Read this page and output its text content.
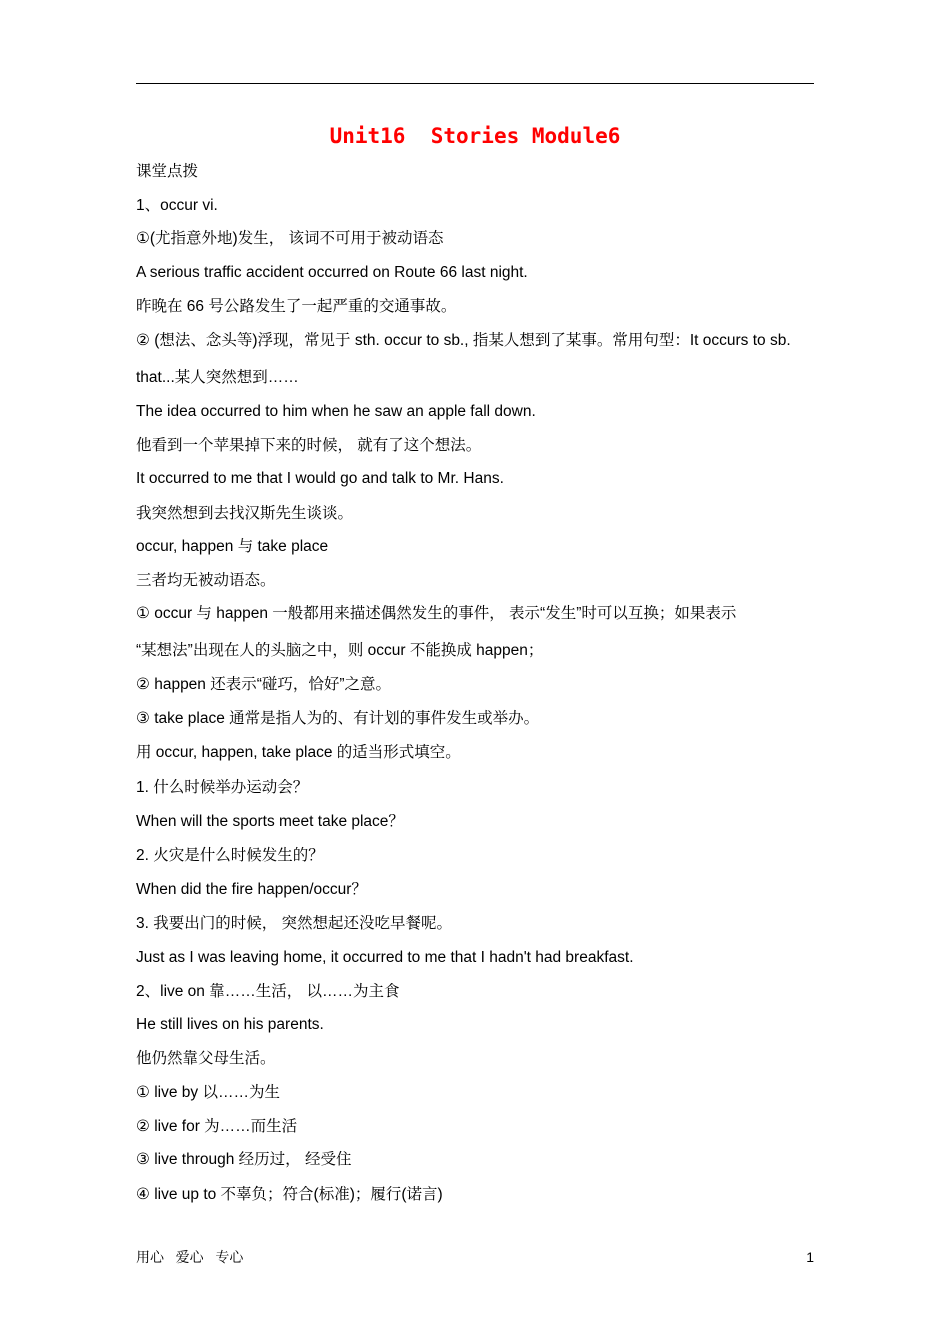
Unit16  Stories Module6
课堂点拨
1、occur vi.
①(尤指意外地)发生， 该词不可用于被动语态
A serious traffic accident occurred on Route 66 last night.
昨晚在 66 号公路发生了一起严重的交通事故。
② (想法、念头等)浮现，常见于 sth. occur to sb., 指某人想到了某事。常用句型：It occurs to sb.
that...某人突然想到……
The idea occurred to him when he saw an apple fall down.
他看到一个苹果掉下来的时候， 就有了这个想法。
It occurred to me that I would go and talk to Mr. Hans.
我突然想到去找汉斯先生谈谈。
occur, happen 与 take place
三者均无被动语态。
① occur 与 happen 一般都用来描述偶然发生的事件， 表示“发生”时可以互换；如果表示
“某想法”出现在人的头脑之中，则 occur 不能换成 happen；
② happen 还表示“碰巧，恰好”之意。
③ take place 通常是指人为的、有计划的事件发生或举办。
用 occur, happen, take place 的适当形式填空。
1. 什么时候举办运动会？
When will the sports meet take place？
2. 火灾是什么时候发生的？
When did the fire happen/occur？
3. 我要出门的时候， 突然想起还没吃早餐呢。
Just as I was leaving home, it occurred to me that I hadn't had breakfast.
2、live on 靠……生活， 以……为主食
He still lives on his parents.
他仍然靠父母生活。
① live by 以……为生
② live for 为……而生活
③ live through 经历过， 经受住
④ live up to 不辜负；符合(标准)；履行(诺言)
用心   爱心   专心	1
